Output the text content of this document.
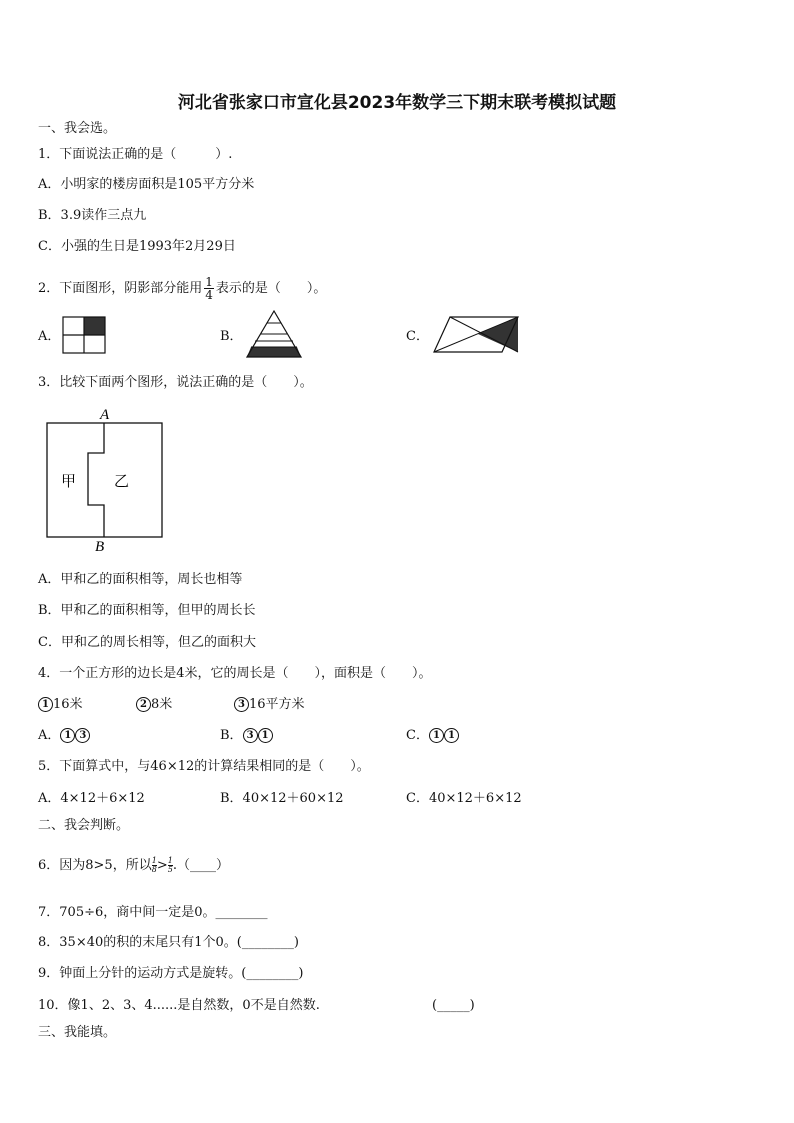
河北省张家口市宣化县2023年数学三下期末联考模拟试题
一、我会选。
1．下面说法正确的是（　　　）.
A．小明家的楼房面积是105平方分米
B．3.9读作三点九
C．小强的生日是1993年2月29日
2．下面图形，阴影部分能用 $\frac{1}{4}$ 表示的是（　　）。
A．	B．	C．
3．比较下面两个图形，说法正确的是（　　）。
A
B
甲	乙
A．甲和乙的面积相等，周长也相等
B．甲和乙的面积相等，但甲的周长长
C．甲和乙的周长相等，但乙的面积大
4．一个正方形的边长是4米，它的周长是（　　），面积是（　　）。
1 16米	2 8米	3 16平方米
A． 1 3	B． 3 1	C． 1 1
5．下面算式中，与46×12的计算结果相同的是（　　）。
A．4×12＋6×12	B．40×12＋60×12	C．40×12＋6×12
二、我会判断。
6．因为8>5，所以 $\frac{1}{8} > \frac{1}{5}$ .（____）
7．705÷6，商中间一定是0。________
8．35×40的积的末尾只有1个0。(________)
9．钟面上分针的运动方式是旋转。(________)
10．像1、2、3、4......是自然数，0不是自然数.	(_____)
三、我能填。
